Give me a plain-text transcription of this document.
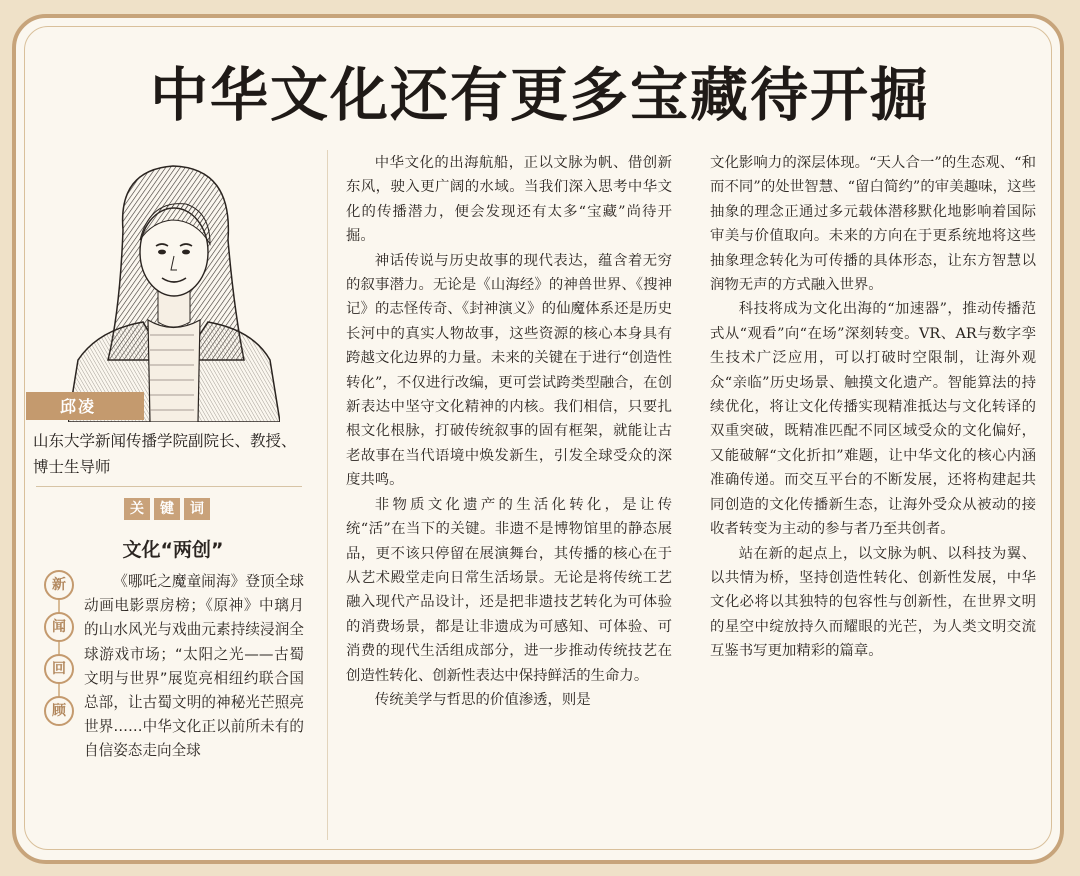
中华文化还有更多宝藏待开掘
邱凌
山东大学新闻传播学院副院长、教授、博士生导师
关	键	词
文化“两创”
新
闻
回
顾

《哪吒之魔童闹海》登顶全球动画电影票房榜；《原神》中璃月的山水风光与戏曲元素持续浸润全球游戏市场；“太阳之光——古蜀文明与世界”展览亮相纽约联合国总部，让古蜀文明的神秘光芒照亮世界……中华文化正以前所未有的自信姿态走向全球

中华文化的出海航船，正以文脉为帆、借创新东风，驶入更广阔的水域。当我们深入思考中华文化的传播潜力，便会发现还有太多“宝藏”尚待开掘。

神话传说与历史故事的现代表达，蕴含着无穷的叙事潜力。无论是《山海经》的神兽世界、《搜神记》的志怪传奇、《封神演义》的仙魔体系还是历史长河中的真实人物故事，这些资源的核心本身具有跨越文化边界的力量。未来的关键在于进行“创造性转化”，不仅进行改编，更可尝试跨类型融合，在创新表达中坚守文化精神的内核。我们相信，只要扎根文化根脉，打破传统叙事的固有框架，就能让古老故事在当代语境中焕发新生，引发全球受众的深度共鸣。

非物质文化遗产的生活化转化，是让传统“活”在当下的关键。非遗不是博物馆里的静态展品，更不该只停留在展演舞台，其传播的核心在于从艺术殿堂走向日常生活场景。无论是将传统工艺融入现代产品设计，还是把非遗技艺转化为可体验的消费场景，都是让非遗成为可感知、可体验、可消费的现代生活组成部分，进一步推动传统技艺在创造性转化、创新性表达中保持鲜活的生命力。

传统美学与哲思的价值渗透，则是

文化影响力的深层体现。“天人合一”的生态观、“和而不同”的处世智慧、“留白简约”的审美趣味，这些抽象的理念正通过多元载体潜移默化地影响着国际审美与价值取向。未来的方向在于更系统地将这些抽象理念转化为可传播的具体形态，让东方智慧以润物无声的方式融入世界。

科技将成为文化出海的“加速器”，推动传播范式从“观看”向“在场”深刻转变。VR、AR与数字孪生技术广泛应用，可以打破时空限制，让海外观众“亲临”历史场景、触摸文化遗产。智能算法的持续优化，将让文化传播实现精准抵达与文化转译的双重突破，既精准匹配不同区域受众的文化偏好，又能破解“文化折扣”难题，让中华文化的核心内涵准确传递。而交互平台的不断发展，还将构建起共同创造的文化传播新生态，让海外受众从被动的接收者转变为主动的参与者乃至共创者。

站在新的起点上，以文脉为帆、以科技为翼、以共情为桥，坚持创造性转化、创新性发展，中华文化必将以其独特的包容性与创新性，在世界文明的星空中绽放持久而耀眼的光芒，为人类文明交流互鉴书写更加精彩的篇章。
